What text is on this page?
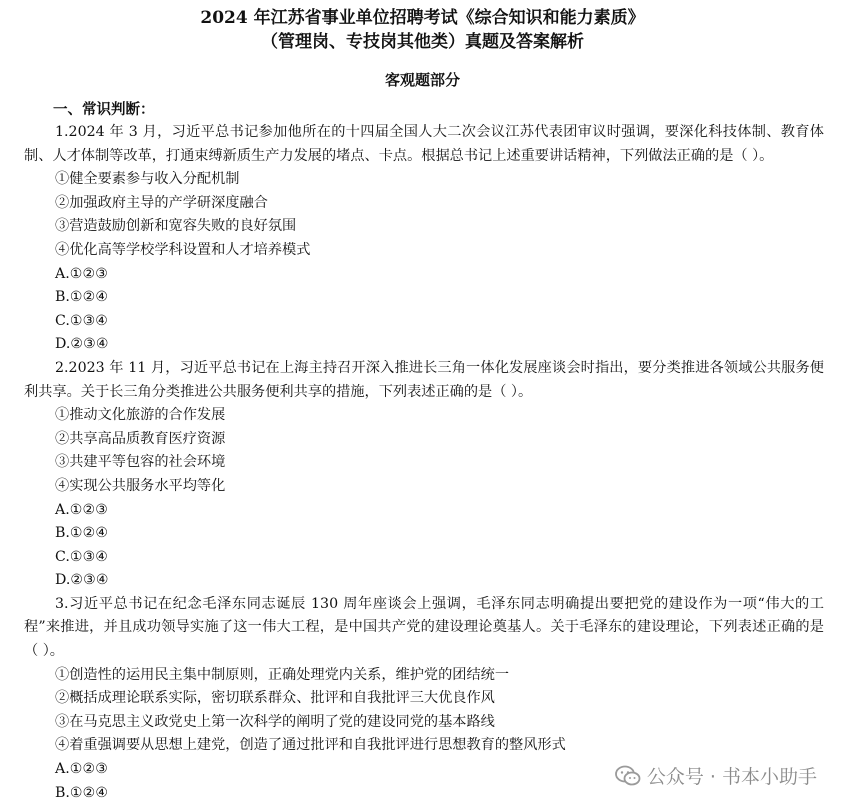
2024 年江苏省事业单位招聘考试《综合知识和能力素质》
（管理岗、专技岗其他类）真题及答案解析
客观题部分
一、常识判断：

1.2024 年 3 月，习近平总书记参加他所在的十四届全国人大二次会议江苏代表团审议时强调，要深化科技体制、教育体制、人才体制等改革，打通束缚新质生产力发展的堵点、卡点。根据总书记上述重要讲话精神，下列做法正确的是（ ）。

①健全要素参与收入分配机制

②加强政府主导的产学研深度融合

③营造鼓励创新和宽容失败的良好氛围

④优化高等学校学科设置和人才培养模式

A.①②③

B.①②④

C.①③④

D.②③④

2.2023 年 11 月，习近平总书记在上海主持召开深入推进长三角一体化发展座谈会时指出，要分类推进各领域公共服务便利共享。关于长三角分类推进公共服务便利共享的措施，下列表述正确的是（ ）。

①推动文化旅游的合作发展

②共享高品质教育医疗资源

③共建平等包容的社会环境

④实现公共服务水平均等化

A.①②③

B.①②④

C.①③④

D.②③④

3.习近平总书记在纪念毛泽东同志诞辰 130 周年座谈会上强调，毛泽东同志明确提出要把党的建设作为一项“伟大的工程”来推进，并且成功领导实施了这一伟大工程，是中国共产党的建设理论奠基人。关于毛泽东的建设理论，下列表述正确的是（ ）。

①创造性的运用民主集中制原则，正确处理党内关系，维护党的团结统一

②概括成理论联系实际，密切联系群众、批评和自我批评三大优良作风

③在马克思主义政党史上第一次科学的阐明了党的建设同党的基本路线

④着重强调要从思想上建党，创造了通过批评和自我批评进行思想教育的整风形式

A.①②③

B.①②④

公众号 · 书本小助手
